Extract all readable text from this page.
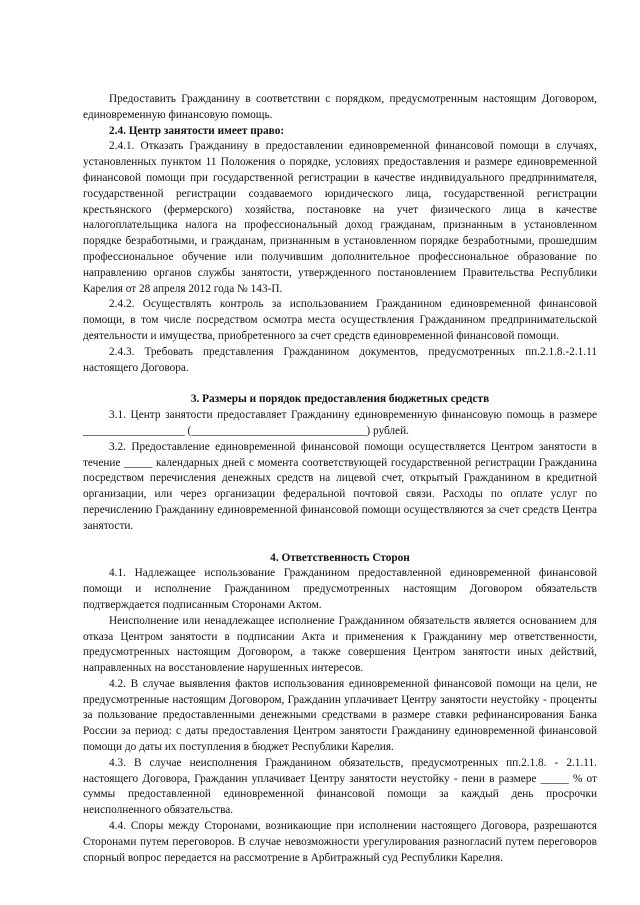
Предоставить Гражданину в соответствии с порядком, предусмотренным настоящим Договором, единовременную финансовую помощь.

2.4. Центр занятости имеет право:

2.4.1. Отказать Гражданину в предоставлении единовременной финансовой помощи в случаях, установленных пунктом 11 Положения о порядке, условиях предоставления и размере единовременной финансовой помощи при государственной регистрации в качестве индивидуального предпринимателя, государственной регистрации создаваемого юридического лица, государственной регистрации крестьянского (фермерского) хозяйства, постановке на учет физического лица в качестве налогоплательщика налога на профессиональный доход гражданам, признанным в установленном порядке безработными, и гражданам, признанным в установленном порядке безработными, прошедшим профессиональное обучение или получившим дополнительное профессиональное образование по направлению органов службы занятости, утвержденного постановлением Правительства Республики Карелия от 28 апреля 2012 года № 143-П.

2.4.2. Осуществлять контроль за использованием Гражданином единовременной финансовой помощи, в том числе посредством осмотра места осуществления Гражданином предпринимательской деятельности и имущества, приобретенного за счет средств единовременной финансовой помощи.

2.4.3. Требовать представления Гражданином документов, предусмотренных пп.2.1.8.-2.1.11 настоящего Договора.

3. Размеры и порядок предоставления бюджетных средств

3.1. Центр занятости предоставляет Гражданину единовременную финансовую помощь в размере __________________ (_______________________________) рублей.

3.2. Предоставление единовременной финансовой помощи осуществляется Центром занятости в течение _____ календарных дней с момента соответствующей государственной регистрации Гражданина посредством перечисления денежных средств на лицевой счет, открытый Гражданином в кредитной организации, или через организации федеральной почтовой связи. Расходы по оплате услуг по перечислению Гражданину единовременной финансовой помощи осуществляются за счет средств Центра занятости.

4. Ответственность Сторон

4.1. Надлежащее использование Гражданином предоставленной единовременной финансовой помощи и исполнение Гражданином предусмотренных настоящим Договором обязательств подтверждается подписанным Сторонами Актом.

Неисполнение или ненадлежащее исполнение Гражданином обязательств является основанием для отказа Центром занятости в подписании Акта и применения к Гражданину мер ответственности, предусмотренных настоящим Договором, а также совершения Центром занятости иных действий, направленных на восстановление нарушенных интересов.

4.2. В случае выявления фактов использования единовременной финансовой помощи на цели, не предусмотренные настоящим Договором, Гражданин уплачивает Центру занятости неустойку - проценты за пользование предоставленными денежными средствами в размере ставки рефинансирования Банка России за период: с даты предоставления Центром занятости Гражданину единовременной финансовой помощи до даты их поступления в бюджет Республики Карелия.

4.3. В случае неисполнения Гражданином обязательств, предусмотренных пп.2.1.8. - 2.1.11. настоящего Договора, Гражданин уплачивает Центру занятости неустойку - пени в размере _____ % от суммы предоставленной единовременной финансовой помощи за каждый день просрочки неисполненного обязательства.

4.4. Споры между Сторонами, возникающие при исполнении настоящего Договора, разрешаются Сторонами путем переговоров. В случае невозможности урегулирования разногласий путем переговоров спорный вопрос передается на рассмотрение в Арбитражный суд Республики Карелия.
